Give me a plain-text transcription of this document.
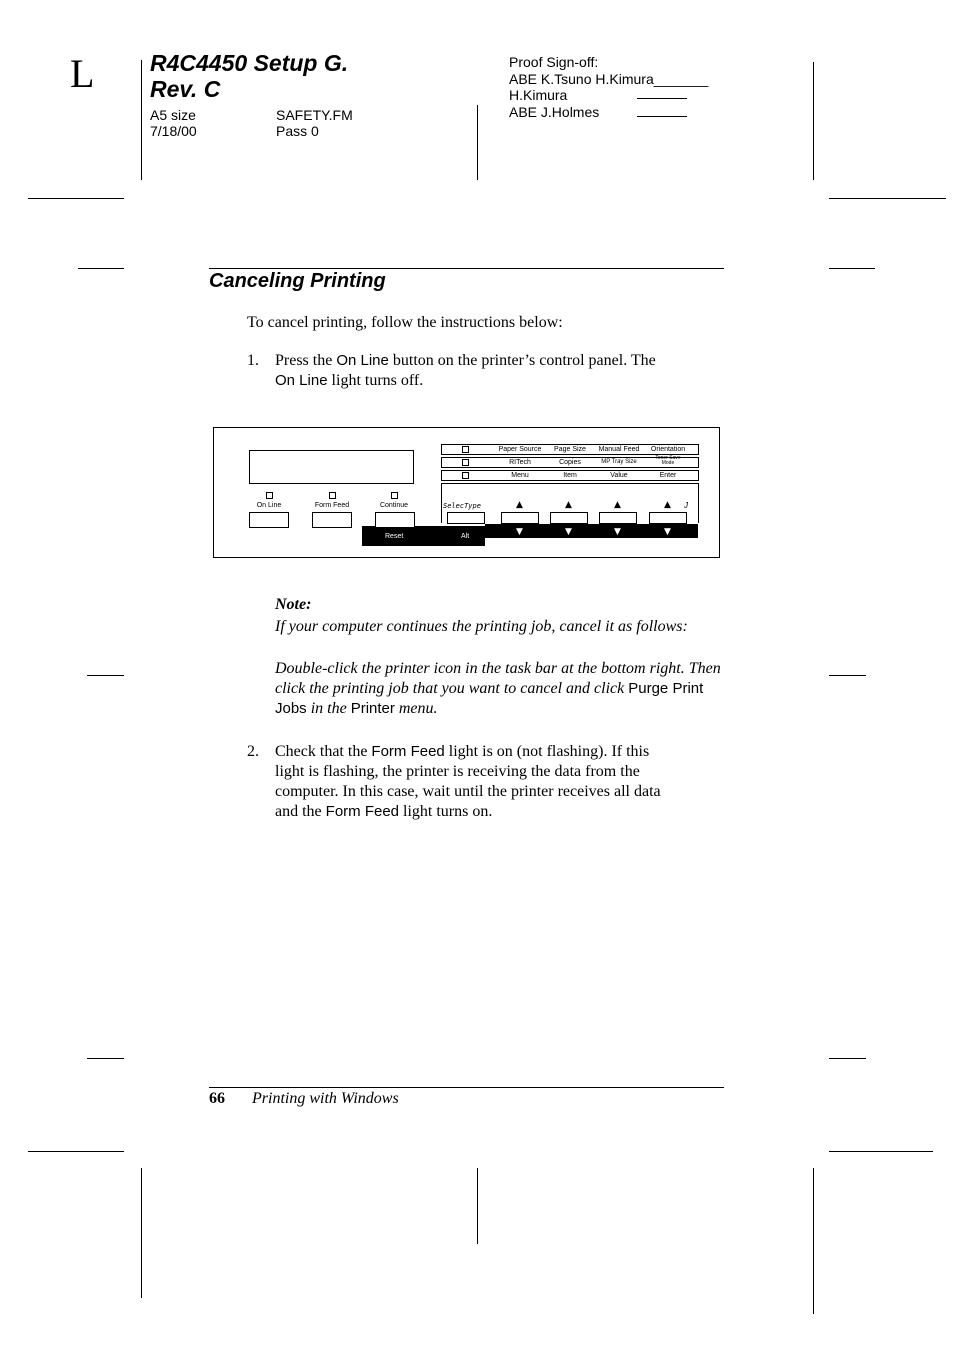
L R4C4450 Setup G. Rev. C
A5 size	SAFETY.FM
7/18/00	Pass 0
Proof Sign-off:
ABE K.Tsuno H.Kimura_______
H.Kimura
ABE J.Holmes
Canceling Printing
To cancel printing, follow the instructions below:
1. Press the On Line button on the printer’s control panel. The
On Line light turns off.
On Line	Form Feed	Continue
Reset	Alt
Paper Source	Page Size	Manual Feed	Orientation
RITech	Copies	MP Tray Size
Toner Save Mode
Menu	Item	Value	Enter
SelecType	▲	▲	▲	▲ J
▼	▼	▼	▼
Note:
If your computer continues the printing job, cancel it as follows:
Double-click the printer icon in the task bar at the bottom right. Then
click the printing job that you want to cancel and click Purge Print
Jobs in the Printer menu.
2. Check that the Form Feed light is on (not flashing). If this
light is flashing, the printer is receiving the data from the
computer. In this case, wait until the printer receives all data
and the Form Feed light turns on.
66 Printing with Windows
